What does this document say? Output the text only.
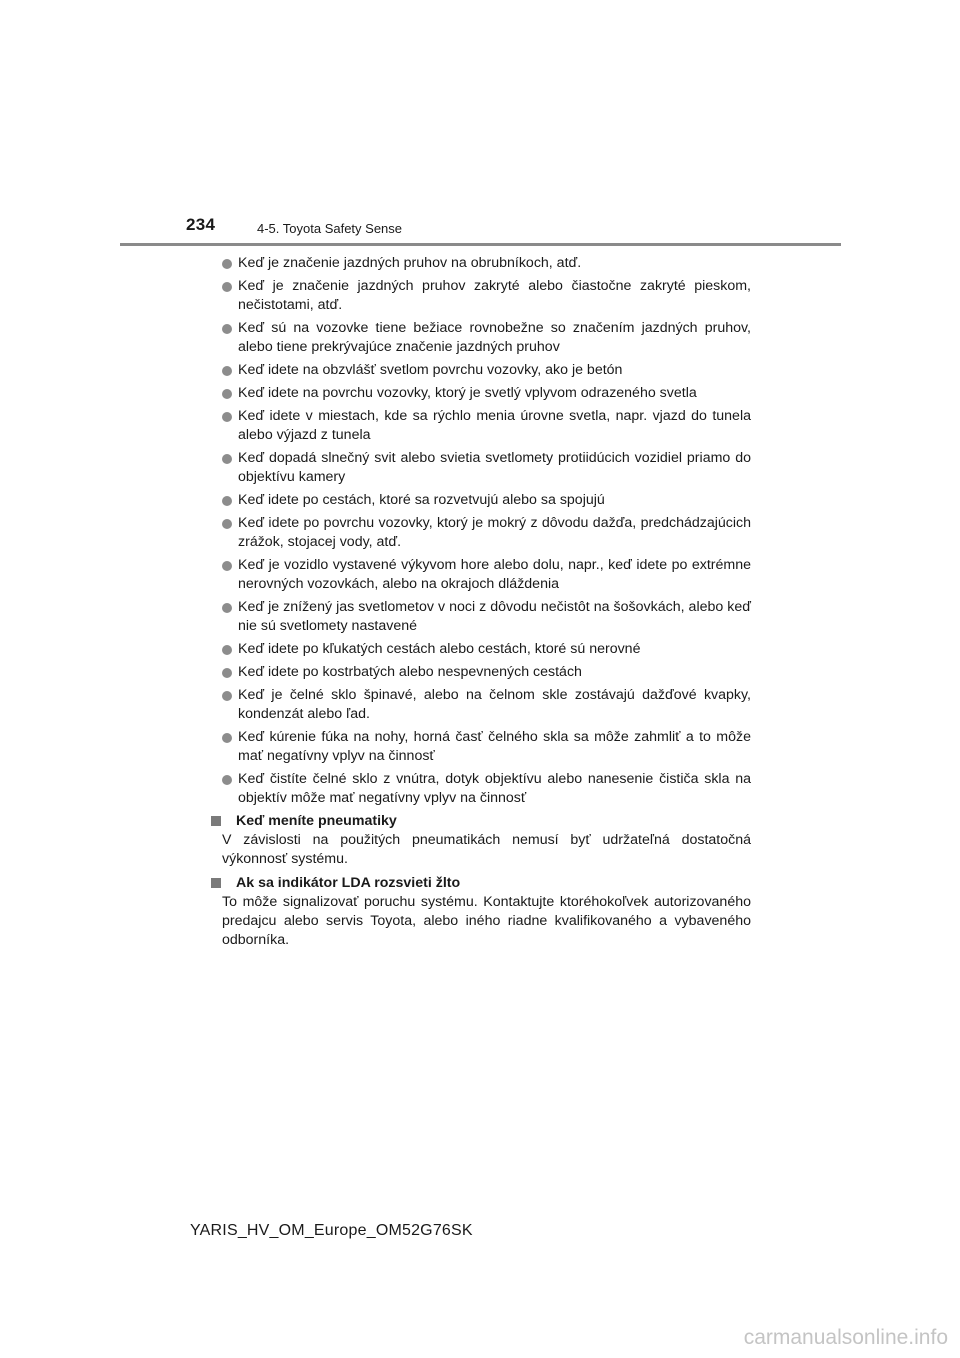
234	4-5. Toyota Safety Sense
Keď je značenie jazdných pruhov na obrubníkoch, atď.
Keď je značenie jazdných pruhov zakryté alebo čiastočne zakryté pieskom, nečistotami, atď.
Keď sú na vozovke tiene bežiace rovnobežne so značením jazdných pruhov, alebo tiene prekrývajúce značenie jazdných pruhov
Keď idete na obzvlášť svetlom povrchu vozovky, ako je betón
Keď idete na povrchu vozovky, ktorý je svetlý vplyvom odrazeného svetla
Keď idete v miestach, kde sa rýchlo menia úrovne svetla, napr. vjazd do tunela alebo výjazd z tunela
Keď dopadá slnečný svit alebo svietia svetlomety protiidúcich vozidiel priamo do objektívu kamery
Keď idete po cestách, ktoré sa rozvetvujú alebo sa spojujú
Keď idete po povrchu vozovky, ktorý je mokrý z dôvodu dažďa, predchádzajúcich zrážok, stojacej vody, atď.
Keď je vozidlo vystavené výkyvom hore alebo dolu, napr., keď idete po extrémne nerovných vozovkách, alebo na okrajoch dláždenia
Keď je znížený jas svetlometov v noci z dôvodu nečistôt na šošovkách, alebo keď nie sú svetlomety nastavené
Keď idete po kľukatých cestách alebo cestách, ktoré sú nerovné
Keď idete po kostrbatých alebo nespevnených cestách
Keď je čelné sklo špinavé, alebo na čelnom skle zostávajú dažďové kvapky, kondenzát alebo ľad.
Keď kúrenie fúka na nohy, horná časť čelného skla sa môže zahmliť a to môže mať negatívny vplyv na činnosť
Keď čistíte čelné sklo z vnútra, dotyk objektívu alebo nanesenie čističa skla na objektív môže mať negatívny vplyv na činnosť
Keď meníte pneumatiky
V závislosti na použitých pneumatikách nemusí byť udržateľná dostatočná výkonnosť systému.
Ak sa indikátor LDA rozsvieti žlto
To môže signalizovať poruchu systému. Kontaktujte ktoréhokoľvek autorizovaného predajcu alebo servis Toyota, alebo iného riadne kvalifikovaného a vybaveného odborníka.
YARIS_HV_OM_Europe_OM52G76SK
carmanualsonline.info
